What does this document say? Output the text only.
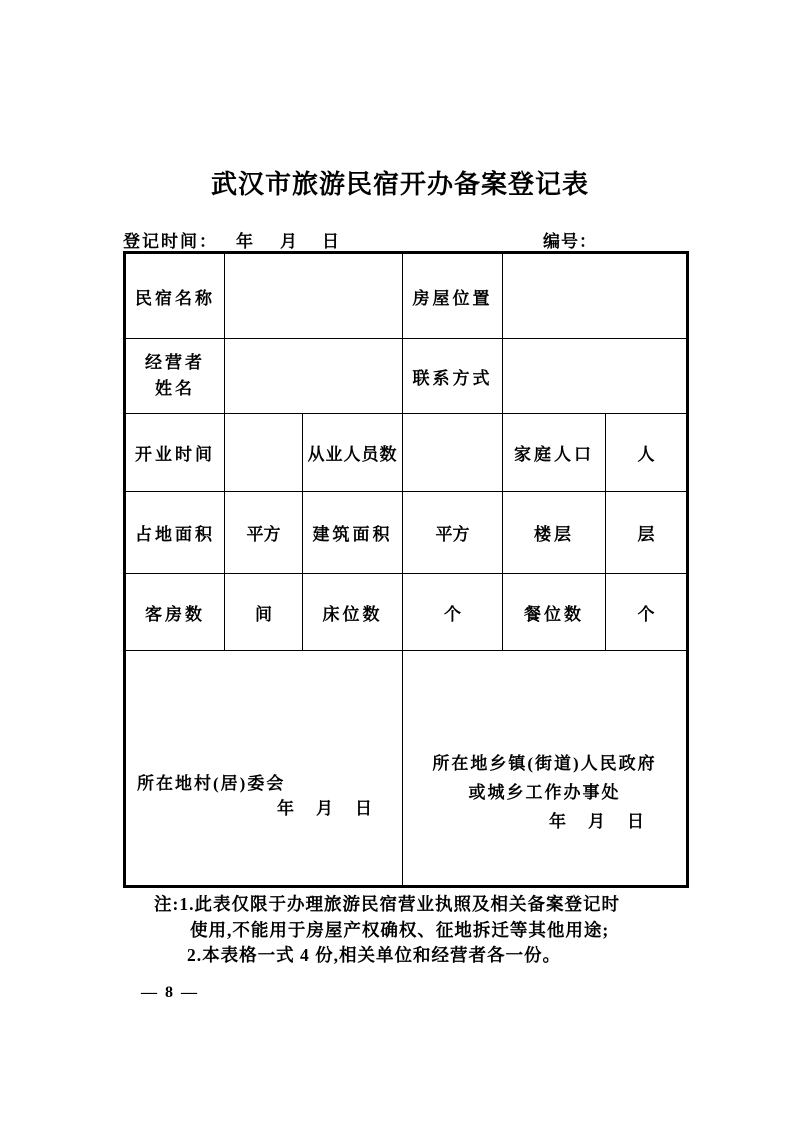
武汉市旅游民宿开办备案登记表
登记时间： 年 月 日	编号：
民宿名称			房屋位置		

经营者
姓名			联系方式		
开业时间		从业人员数		家庭人口	人
占地面积	平方	建筑面积	平方	楼层	层
客房数	间	床位数	个	餐位数	个

所在地村(居)委会
年 月 日

所在地乡镇(街道)人民政府
或城乡工作办事处
年 月 日
注:1.此表仅限于办理旅游民宿营业执照及相关备案登记时
使用,不能用于房屋产权确权、征地拆迁等其他用途;
2.本表格一式 4 份,相关单位和经营者各一份。
— 8 —
